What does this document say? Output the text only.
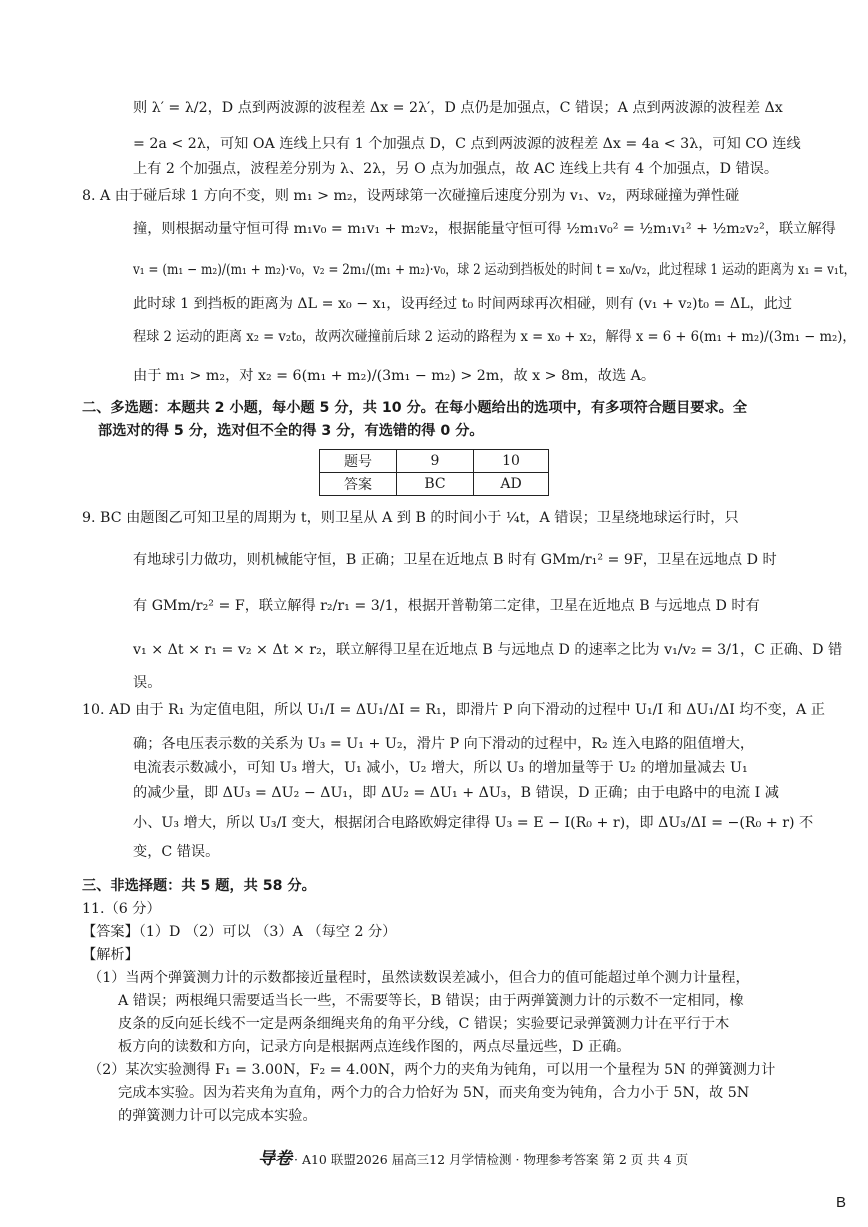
则 λ′ = λ/2，D 点到两波源的波程差 Δx = 2λ′，D 点仍是加强点，C 错误；A 点到两波源的波程差 Δx
= 2a < 2λ，可知 OA 连线上只有 1 个加强点 D，C 点到两波源的波程差 Δx = 4a < 3λ，可知 CO 连线
上有 2 个加强点，波程差分别为 λ、2λ，另 O 点为加强点，故 AC 连线上共有 4 个加强点，D 错误。
8. A 由于碰后球 1 方向不变，则 m₁ > m₂，设两球第一次碰撞后速度分别为 v₁、v₂，两球碰撞为弹性碰
撞，则根据动量守恒可得 m₁v₀ = m₁v₁ + m₂v₂，根据能量守恒可得 ½m₁v₀² = ½m₁v₁² + ½m₂v₂²，联立解得
v₁ = (m₁ − m₂)/(m₁ + m₂)·v₀，v₂ = 2m₁/(m₁ + m₂)·v₀，球 2 运动到挡板处的时间 t = x₀/v₂，此过程球 1 运动的距离为 x₁ = v₁t，
此时球 1 到挡板的距离为 ΔL = x₀ − x₁，设再经过 t₀ 时间两球再次相碰，则有 (v₁ + v₂)t₀ = ΔL，此过
程球 2 运动的距离 x₂ = v₂t₀，故两次碰撞前后球 2 运动的路程为 x = x₀ + x₂，解得 x = 6 + 6(m₁ + m₂)/(3m₁ − m₂)，
由于 m₁ > m₂，对 x₂ = 6(m₁ + m₂)/(3m₁ − m₂) > 2m，故 x > 8m，故选 A。
二、多选题：本题共 2 小题，每小题 5 分，共 10 分。在每小题给出的选项中，有多项符合题目要求。全
部选对的得 5 分，选对但不全的得 3 分，有选错的得 0 分。
题号	9	10
答案	BC	AD
9. BC 由题图乙可知卫星的周期为 t，则卫星从 A 到 B 的时间小于 ¼t，A 错误；卫星绕地球运行时，只
有地球引力做功，则机械能守恒，B 正确；卫星在近地点 B 时有 GMm/r₁² = 9F，卫星在远地点 D 时
有 GMm/r₂² = F，联立解得 r₂/r₁ = 3/1，根据开普勒第二定律，卫星在近地点 B 与远地点 D 时有
v₁ × Δt × r₁ = v₂ × Δt × r₂，联立解得卫星在近地点 B 与远地点 D 的速率之比为 v₁/v₂ = 3/1，C 正确、D 错
误。
10. AD 由于 R₁ 为定值电阻，所以 U₁/I = ΔU₁/ΔI = R₁，即滑片 P 向下滑动的过程中 U₁/I 和 ΔU₁/ΔI 均不变，A 正
确；各电压表示数的关系为 U₃ = U₁ + U₂，滑片 P 向下滑动的过程中，R₂ 连入电路的阻值增大，
电流表示数减小，可知 U₃ 增大，U₁ 减小，U₂ 增大，所以 U₃ 的增加量等于 U₂ 的增加量减去 U₁
的减少量，即 ΔU₃ = ΔU₂ − ΔU₁，即 ΔU₂ = ΔU₁ + ΔU₃，B 错误，D 正确；由于电路中的电流 I 减
小、U₃ 增大，所以 U₃/I 变大，根据闭合电路欧姆定律得 U₃ = E − I(R₀ + r)，即 ΔU₃/ΔI = −(R₀ + r) 不
变，C 错误。
三、非选择题：共 5 题，共 58 分。
11.（6 分）
【答案】（1）D （2）可以 （3）A （每空 2 分）
【解析】
（1）当两个弹簧测力计的示数都接近量程时，虽然读数误差减小，但合力的值可能超过单个测力计量程，
A 错误；两根绳只需要适当长一些，不需要等长，B 错误；由于两弹簧测力计的示数不一定相同，橡
皮条的反向延长线不一定是两条细绳夹角的角平分线，C 错误；实验要记录弹簧测力计在平行于木
板方向的读数和方向，记录方向是根据两点连线作图的，两点尽量远些，D 正确。
（2）某次实验测得 F₁ = 3.00N，F₂ = 4.00N，两个力的夹角为钝角，可以用一个量程为 5N 的弹簧测力计
完成本实验。因为若夹角为直角，两个力的合力恰好为 5N，而夹角变为钝角，合力小于 5N，故 5N
的弹簧测力计可以完成本实验。
导卷 · A10 联盟2026 届高三12 月学情检测 · 物理参考答案 第 2 页 共 4 页
B
